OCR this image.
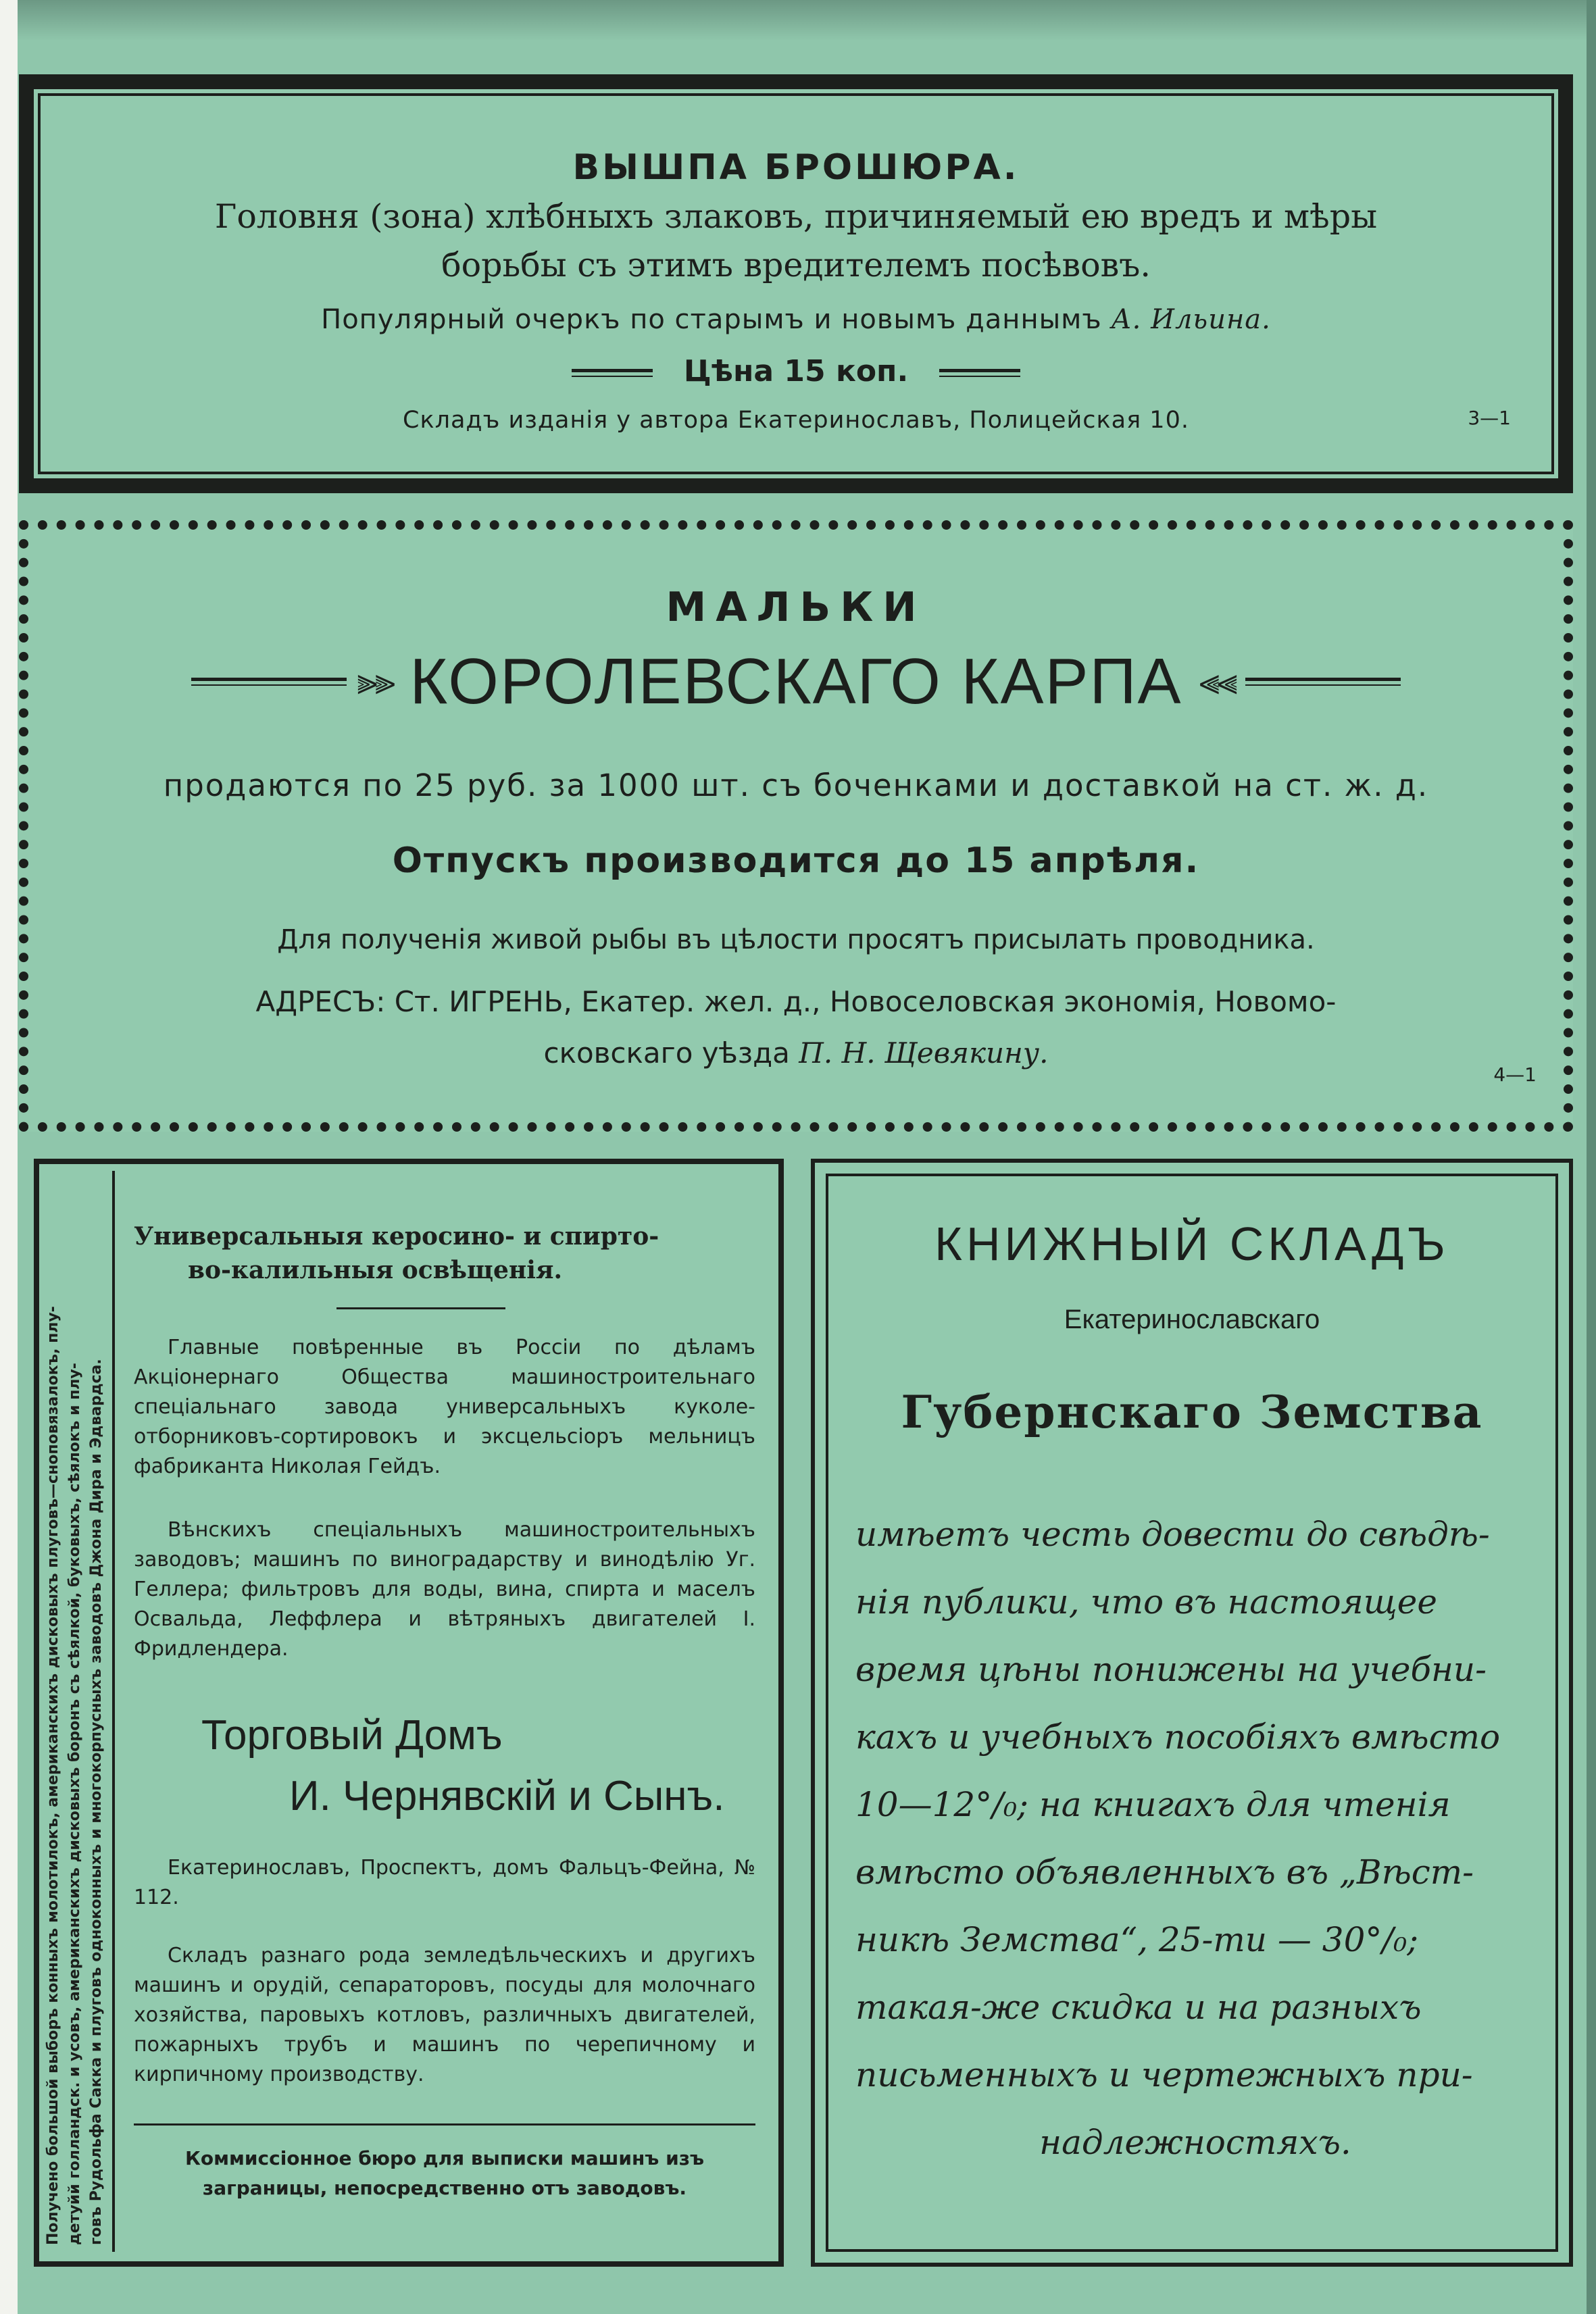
ВЫШПА БРОШЮРА.
Головня (зона) хлѣбныхъ злаковъ, причиняемый ею вредъ и мѣры
борьбы съ этимъ вредителемъ посѣвовъ.
Популярный очеркъ по старымъ и новымъ даннымъ А. Ильина.
Цѣна 15 коп.
Складъ изданія у автора Екатеринославъ, Полицейская 10.	3—1
МАЛЬКИ
⫸⫸ КОРОЛЕВСКАГО КАРПА ⫷⫷
продаются по 25 руб. за 1000 шт. съ боченками и доставкой на ст. ж. д.
Отпускъ производится до 15 апрѣля.
Для полученія живой рыбы въ цѣлости просятъ присылать проводника.
АДРЕСЪ: Ст. ИГРЕНЬ, Екатер. жел. д., Новоселовская экономія, Новомо-
сковскаго уѣзда П. Н. Щевякину.
4—1
Получено большой выборъ конныхъ молотилокъ, американскихъ дисковыхъ плуговъ—сноповязалокъ, плу- детуйй голландск. и усовъ, американскихъ дисковыхъ боронъ съ сѣялкой, буковыхъ, сѣялокъ и плу- говъ Рудольфа Сакка и плуговъ одноконныхъ и многокорпусныхъ заводовъ Джона Дира и Эдвардса.
Универсальныя керосино- и спирто-
во-калильныя освѣщенія.
Главные повѣренные въ Россіи по дѣламъ Акціонернаго Общества машиностроительнаго спеціальнаго завода универсальныхъ куколе-отборниковъ-сортировокъ и эксцельсіоръ мельницъ фабриканта Николая Гейдъ.
Вѣнскихъ спеціальныхъ машиностроительныхъ заводовъ; машинъ по виноградарству и винодѣлію Уг. Геллера; фильтровъ для воды, вина, спирта и маселъ Освальда, Леффлера и вѣтряныхъ двигателей І. Фридлендера.
Торговый Домъ
И. Чернявскій и Сынъ.
Екатеринославъ, Проспектъ, домъ Фальцъ-Фейна, № 112.
Складъ разнаго рода земледѣльческихъ и другихъ машинъ и орудій, сепараторовъ, посуды для молочнаго хозяйства, паровыхъ котловъ, различныхъ двигателей, пожарныхъ трубъ и машинъ по черепичному и кирпичному производству.
Коммиссіонное бюро для выписки машинъ изъ заграницы, непосредственно отъ заводовъ.
КНИЖНЫЙ СКЛАДЪ
Екатеринославскаго
Губернскаго Земства
имѣетъ честь довести до свѣдѣ-
нія публики, что въ настоящее
время цѣны понижены на учебни-
кахъ и учебныхъ пособіяхъ вмѣсто
10—12°/₀; на книгахъ для чтенія
вмѣсто объявленныхъ въ „Вѣст-
никѣ Земства“, 25-ти — 30°/₀;
такая-же скидка и на разныхъ
письменныхъ и чертежныхъ при-
надлежностяхъ.
